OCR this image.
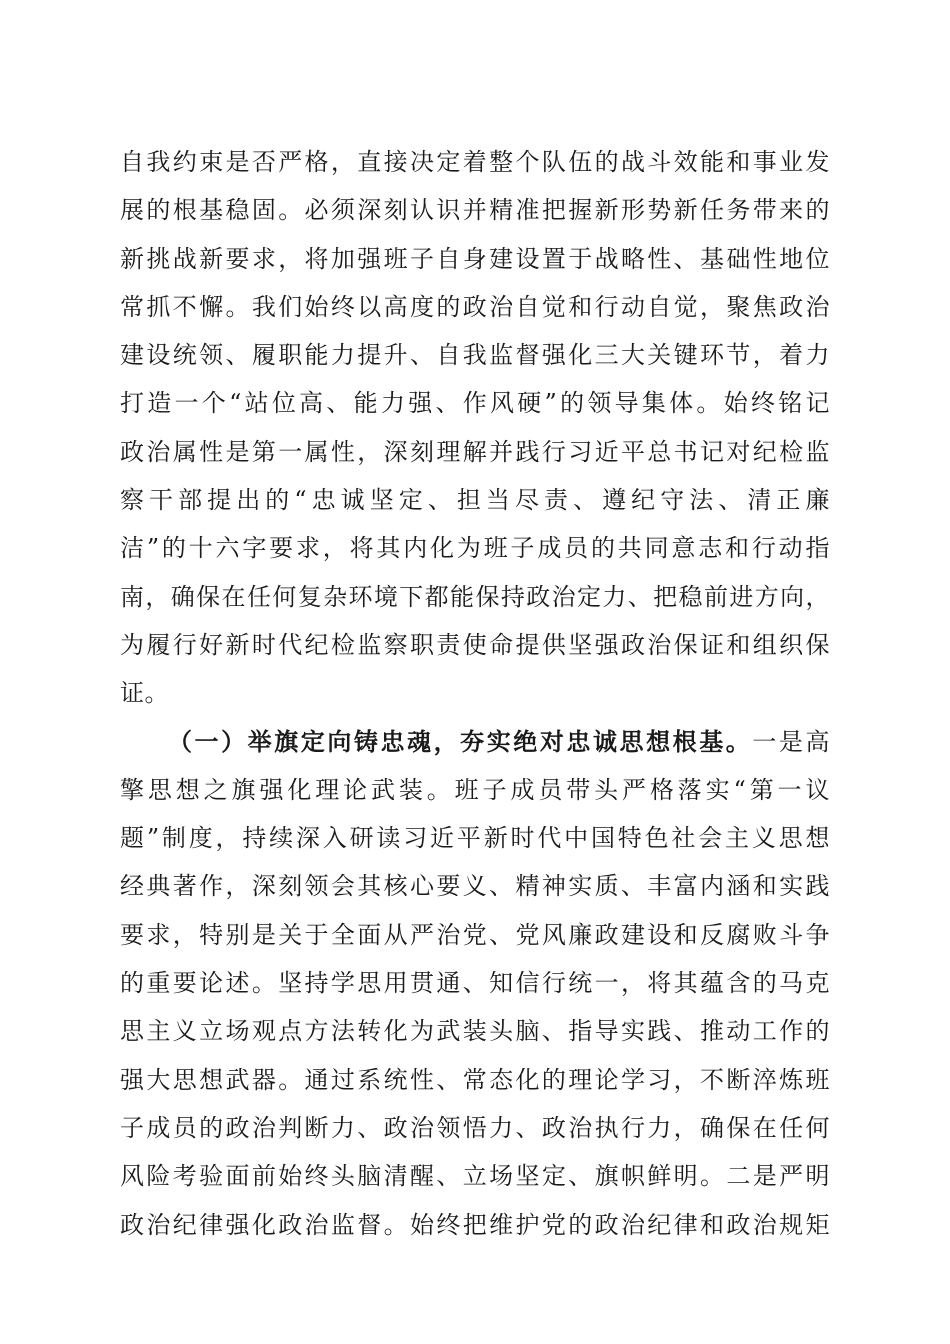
自我约束是否严格，直接决定着整个队伍的战斗效能和事业发
展的根基稳固。必须深刻认识并精准把握新形势新任务带来的
新挑战新要求，将加强班子自身建设置于战略性、基础性地位
常抓不懈。我们始终以高度的政治自觉和行动自觉，聚焦政治
建设统领、履职能力提升、自我监督强化三大关键环节，着力
打造一个“站位高、能力强、作风硬”的领导集体。始终铭记
政治属性是第一属性，深刻理解并践行习近平总书记对纪检监
察干部提出的“忠诚坚定、担当尽责、遵纪守法、清正廉
洁”的十六字要求，将其内化为班子成员的共同意志和行动指
南，确保在任何复杂环境下都能保持政治定力、把稳前进方向，
为履行好新时代纪检监察职责使命提供坚强政治保证和组织保
证。
（一）举旗定向铸忠魂，夯实绝对忠诚思想根基。一是高
擎思想之旗强化理论武装。班子成员带头严格落实“第一议
题”制度，持续深入研读习近平新时代中国特色社会主义思想
经典著作，深刻领会其核心要义、精神实质、丰富内涵和实践
要求，特别是关于全面从严治党、党风廉政建设和反腐败斗争
的重要论述。坚持学思用贯通、知信行统一，将其蕴含的马克
思主义立场观点方法转化为武装头脑、指导实践、推动工作的
强大思想武器。通过系统性、常态化的理论学习，不断淬炼班
子成员的政治判断力、政治领悟力、政治执行力，确保在任何
风险考验面前始终头脑清醒、立场坚定、旗帜鲜明。二是严明
政治纪律强化政治监督。始终把维护党的政治纪律和政治规矩
